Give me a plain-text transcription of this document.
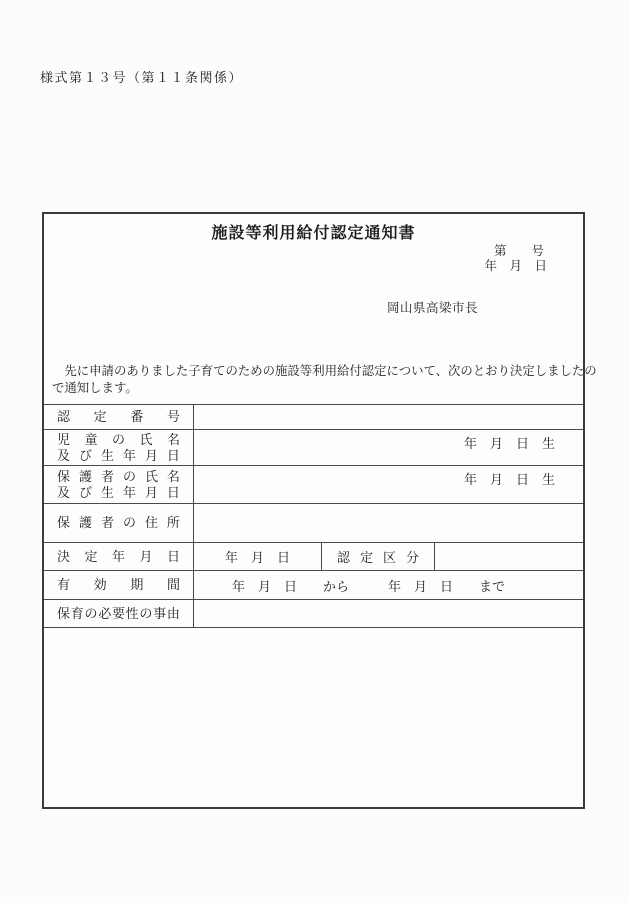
様式第１３号（第１１条関係）
施設等利用給付認定通知書
第　　号
年　月　日
岡山県高梁市長
　先に申請のありました子育てのための施設等利用給付認定について、次のとおり決定しましたの
で通知します。
認 定 番 号
児 童 の 氏 名
及 び 生 年 月 日
年　月　日　生
保 護 者 の 氏 名
及 び 生 年 月 日
年　月　日　生
保 護 者 の 住 所
決 定 年 月 日	年　月　日	認 定 区 分
有 効 期 間	年　月　日　　から　　　年　月　日　　まで
保 育 の 必 要 性 の 事 由
